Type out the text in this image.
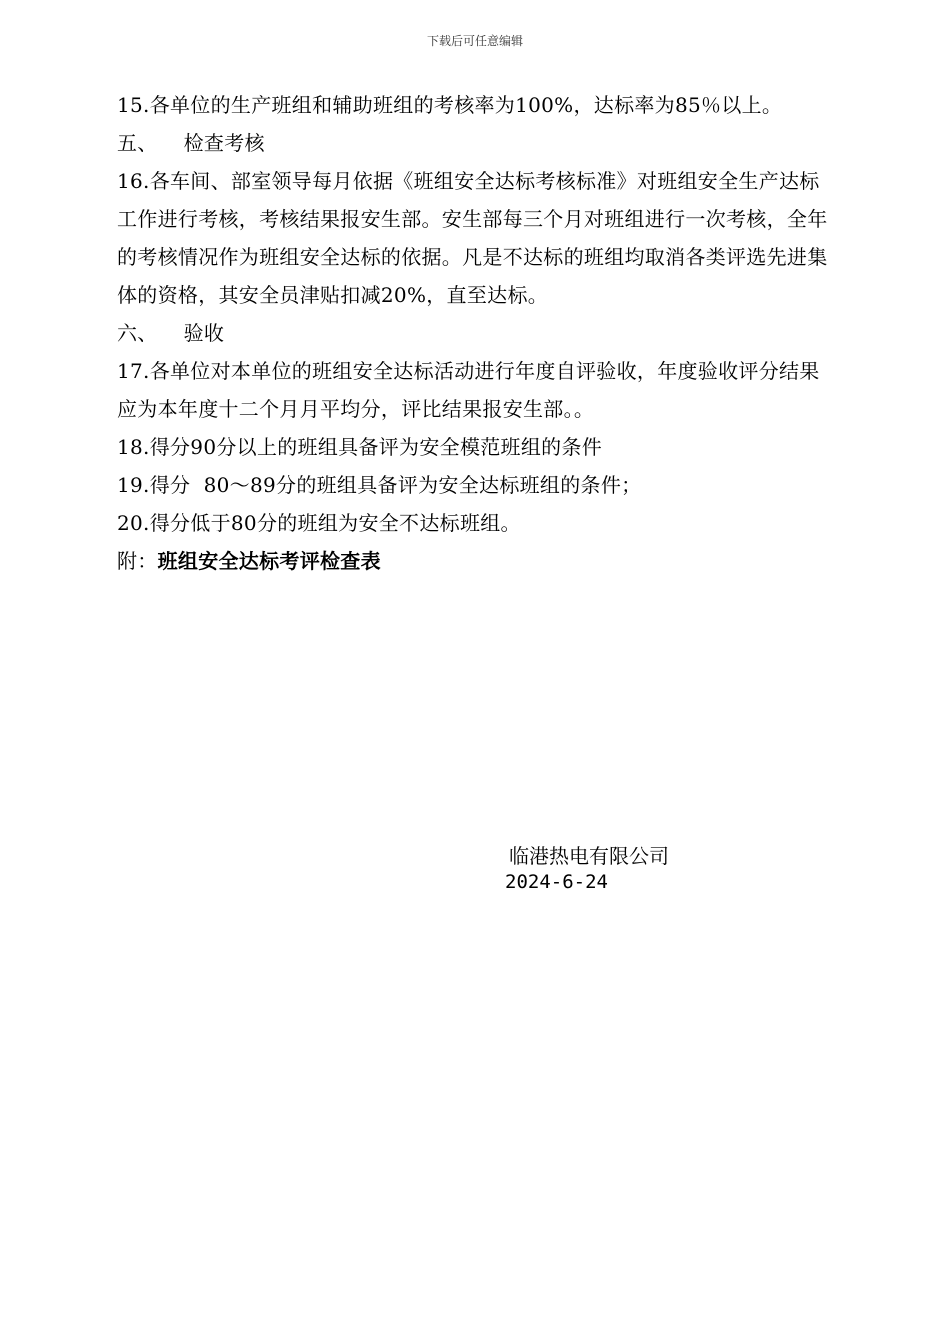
下载后可任意编辑

15.各单位的生产班组和辅助班组的考核率为100%，达标率为85％以上。

五、 检查考核

16.各车间、部室领导每月依据《班组安全达标考核标准》对班组安全生产达标工作进行考核，考核结果报安生部。安生部每三个月对班组进行一次考核，全年的考核情况作为班组安全达标的依据。凡是不达标的班组均取消各类评选先进集体的资格，其安全员津贴扣减20%，直至达标。

六、 验收

17.各单位对本单位的班组安全达标活动进行年度自评验收，年度验收评分结果应为本年度十二个月月平均分，评比结果报安生部。。

18.得分90分以上的班组具备评为安全模范班组的条件

19.得分  80～89分的班组具备评为安全达标班组的条件；

20.得分低于80分的班组为安全不达标班组。

附：班组安全达标考评检查表

临港热电有限公司
2024-6-24
